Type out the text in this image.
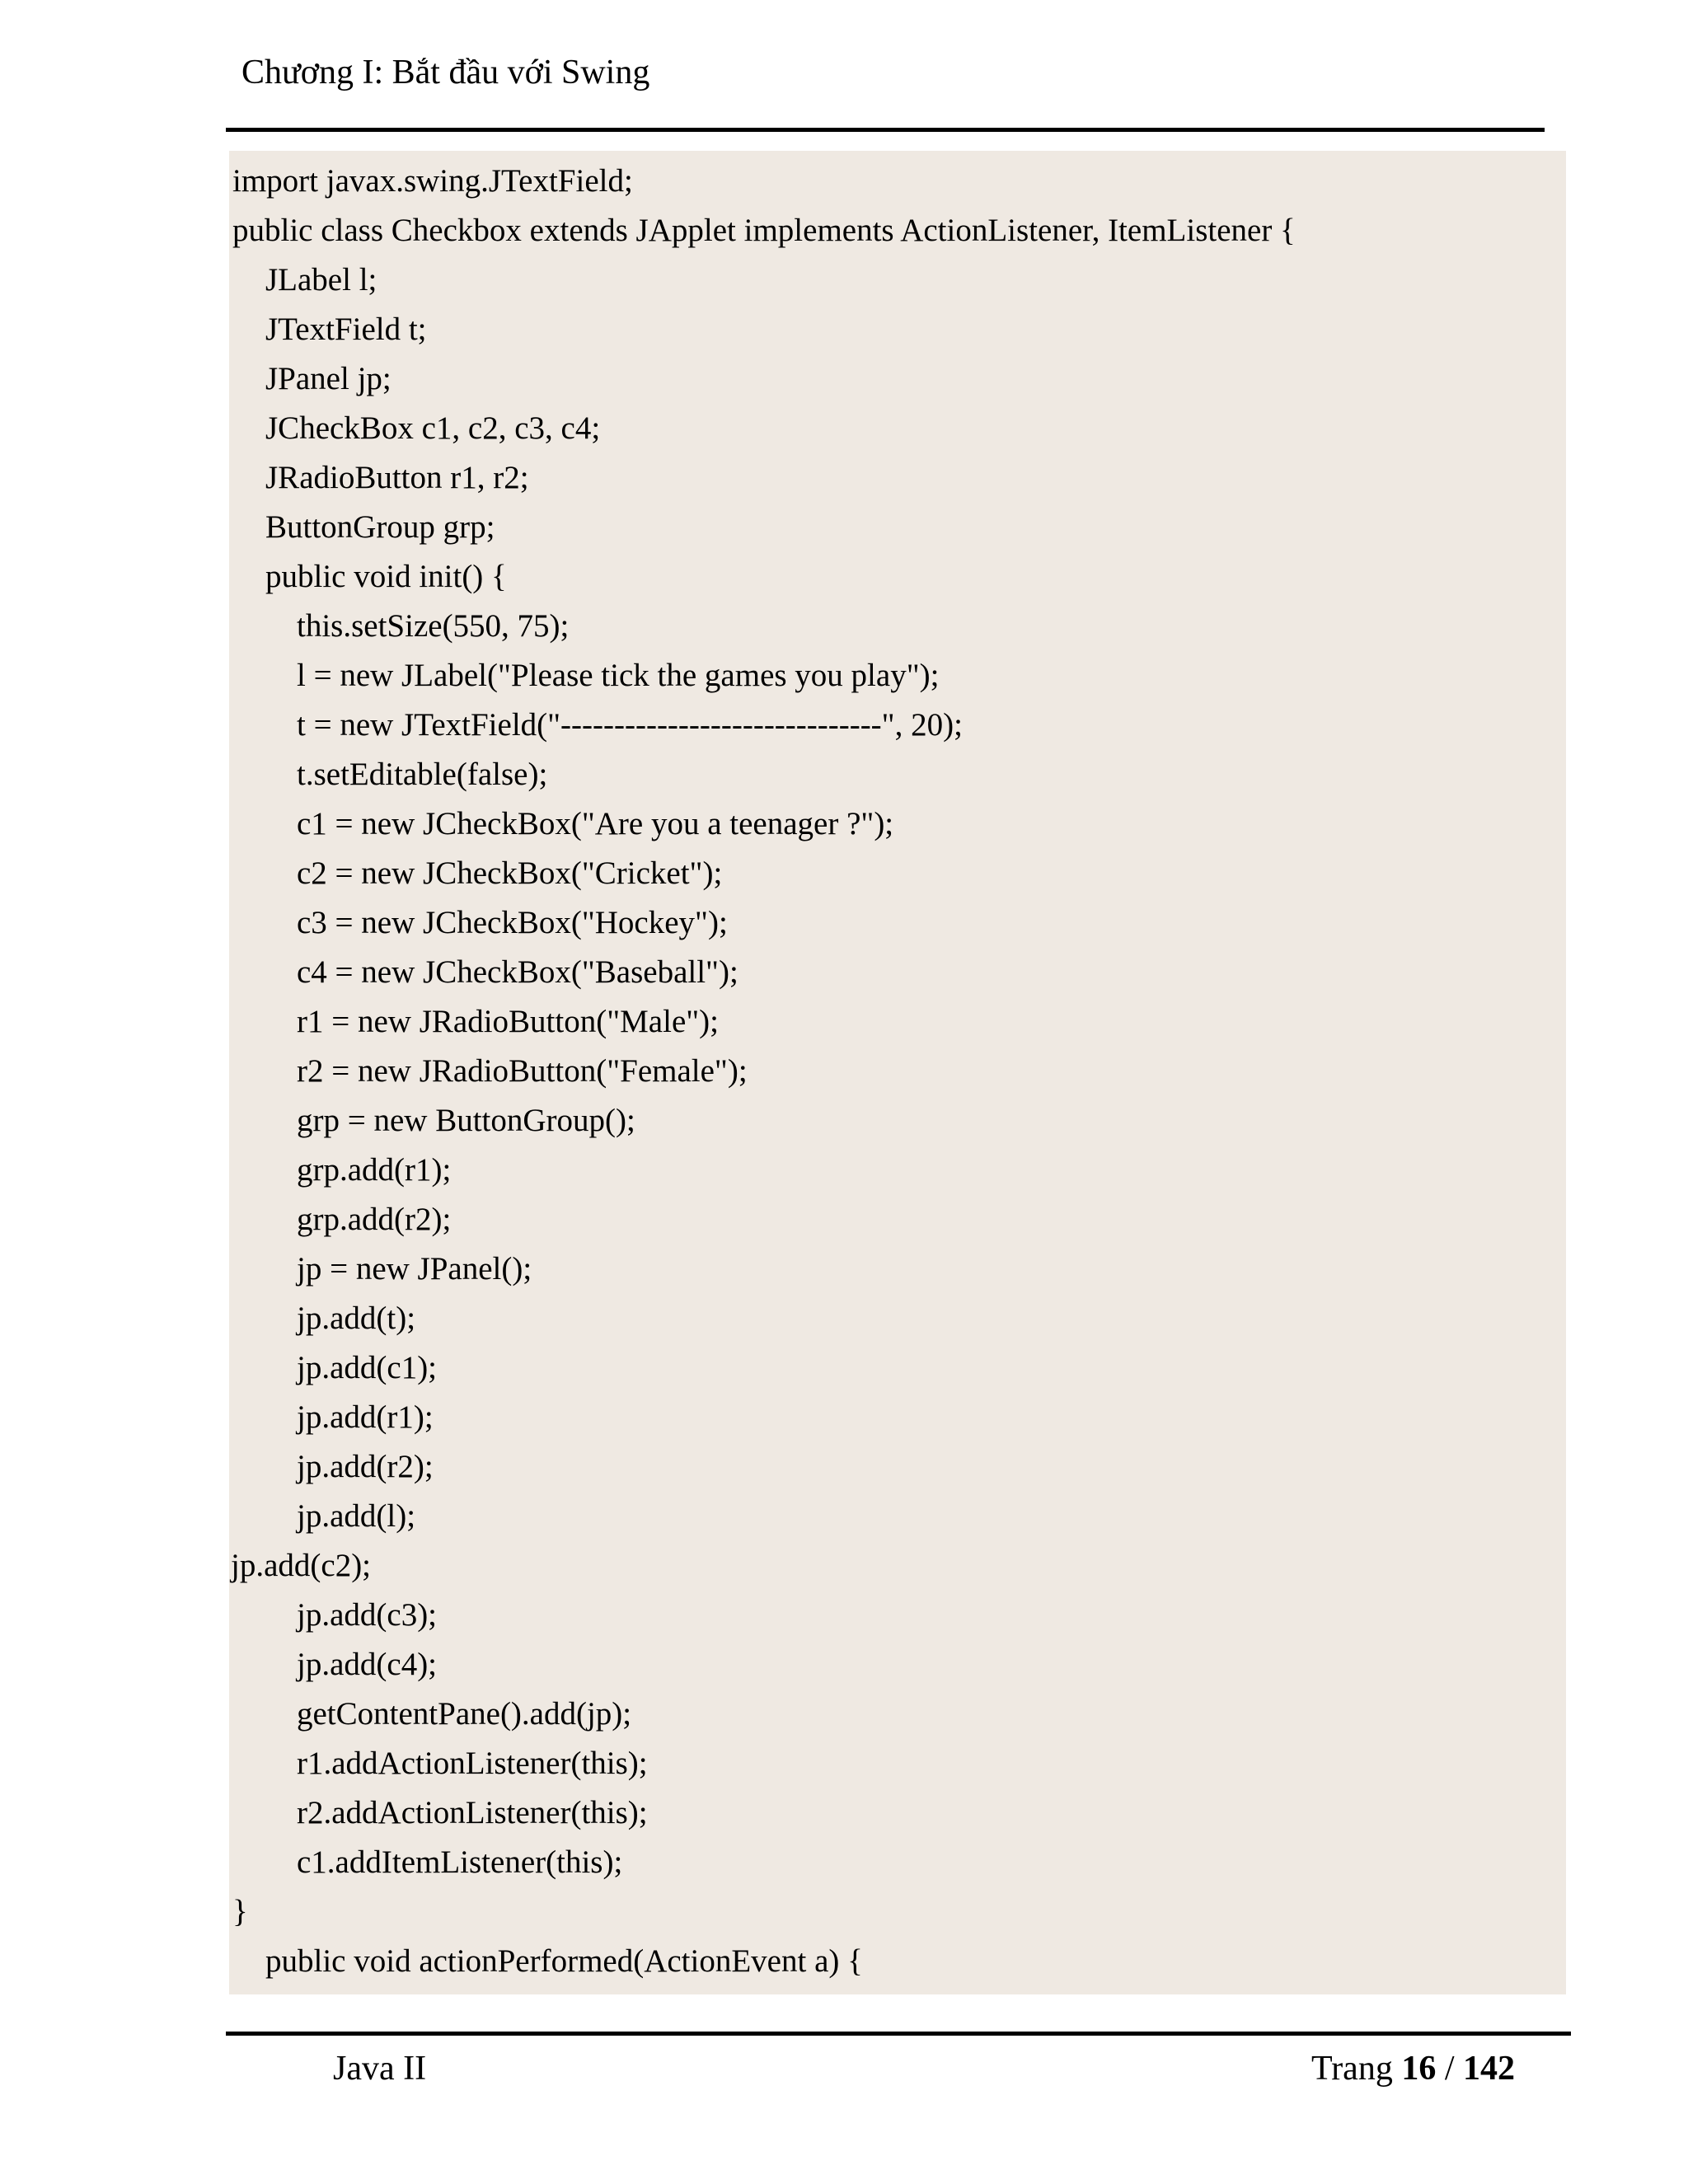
Chương I: Bắt đầu với Swing
import javax.swing.JTextField;
public class Checkbox extends JApplet implements ActionListener, ItemListener {
JLabel l;
JTextField t;
JPanel jp;
JCheckBox c1, c2, c3, c4;
JRadioButton r1, r2;
ButtonGroup grp;
public void init() {
this.setSize(550, 75);
l = new JLabel("Please tick the games you play");
t = new JTextField("------------------------------", 20);
t.setEditable(false);
c1 = new JCheckBox("Are you a teenager ?");
c2 = new JCheckBox("Cricket");
c3 = new JCheckBox("Hockey");
c4 = new JCheckBox("Baseball");
r1 = new JRadioButton("Male");
r2 = new JRadioButton("Female");
grp = new ButtonGroup();
grp.add(r1);
grp.add(r2);
jp = new JPanel();
jp.add(t);
jp.add(c1);
jp.add(r1);
jp.add(r2);
jp.add(l);
jp.add(c2);
jp.add(c3);
jp.add(c4);
getContentPane().add(jp);
r1.addActionListener(this);
r2.addActionListener(this);
c1.addItemListener(this);
}
public void actionPerformed(ActionEvent a) {
Java II	Trang 16 / 142
